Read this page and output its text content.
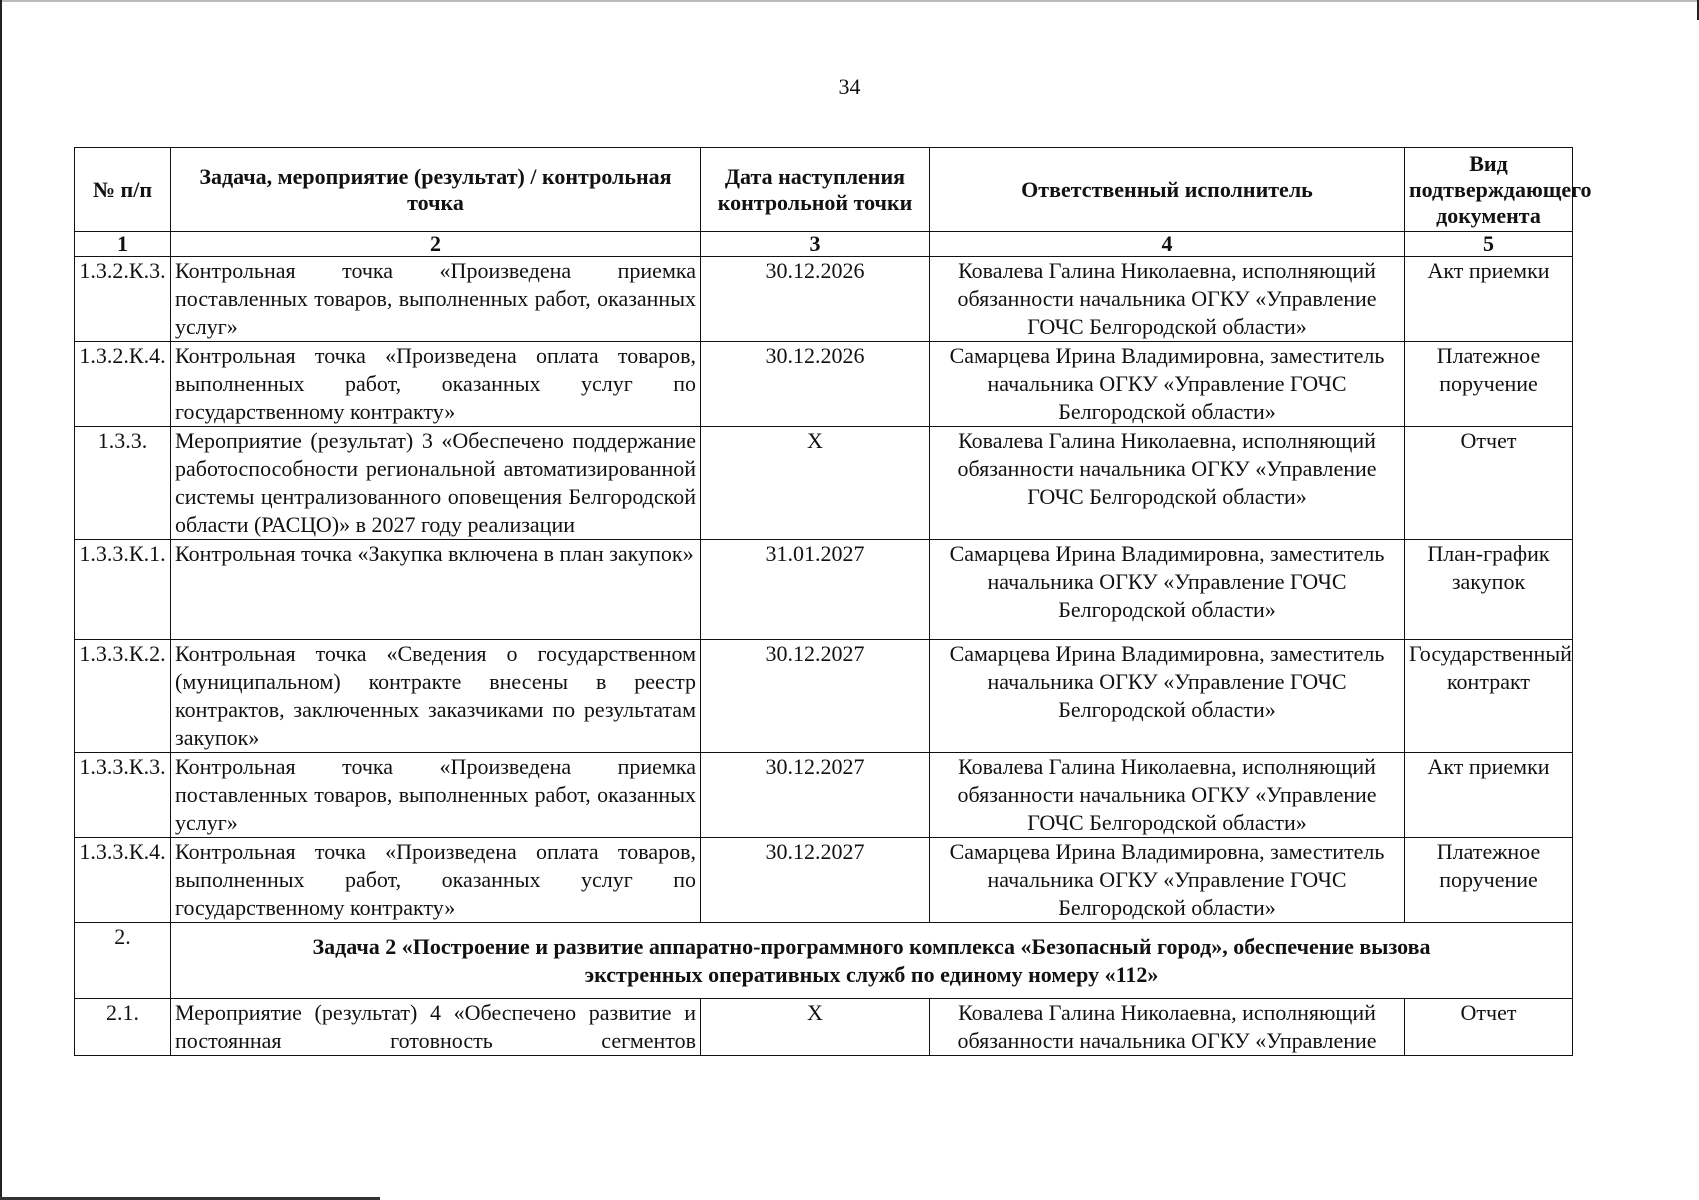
34
№ п/п	Задача, мероприятие (результат) / контрольная точка	Дата наступления контрольной точки	Ответственный исполнитель	Вид подтверждающего документа
1	2	3	4	5
1.3.2.К.3.	Контрольная точка «Произведена приемка поставленных товаров, выполненных работ, оказанных услуг»	30.12.2026	Ковалева Галина Николаевна, исполняющий обязанности начальника ОГКУ «Управление ГОЧС Белгородской области»	Акт приемки
1.3.2.К.4.	Контрольная точка «Произведена оплата товаров, выполненных работ, оказанных услуг по государственному контракту»	30.12.2026	Самарцева Ирина Владимировна, заместитель начальника ОГКУ «Управление ГОЧС Белгородской области»	Платежное поручение
1.3.3.	Мероприятие (результат) 3 «Обеспечено поддержание работоспособности региональной автоматизированной системы централизованного оповещения Белгородской области (РАСЦО)» в 2027 году реализации	X	Ковалева Галина Николаевна, исполняющий обязанности начальника ОГКУ «Управление ГОЧС Белгородской области»	Отчет
1.3.3.К.1.	Контрольная точка «Закупка включена в план закупок»	31.01.2027	Самарцева Ирина Владимировна, заместитель начальника ОГКУ «Управление ГОЧС Белгородской области»	План-график закупок
1.3.3.К.2.	Контрольная точка «Сведения о государственном (муниципальном) контракте внесены в реестр контрактов, заключенных заказчиками по результатам закупок»	30.12.2027	Самарцева Ирина Владимировна, заместитель начальника ОГКУ «Управление ГОЧС Белгородской области»	Государственный контракт
1.3.3.К.3.	Контрольная точка «Произведена приемка поставленных товаров, выполненных работ, оказанных услуг»	30.12.2027	Ковалева Галина Николаевна, исполняющий обязанности начальника ОГКУ «Управление ГОЧС Белгородской области»	Акт приемки
1.3.3.К.4.	Контрольная точка «Произведена оплата товаров, выполненных работ, оказанных услуг по государственному контракту»	30.12.2027	Самарцева Ирина Владимировна, заместитель начальника ОГКУ «Управление ГОЧС Белгородской области»	Платежное поручение
2.	Задача 2 «Построение и развитие аппаратно-программного комплекса «Безопасный город», обеспечение вызова экстренных оперативных служб по единому номеру «112»			
2.1.	Мероприятие (результат) 4 «Обеспечено развитие и постоянная готовность сегментов	X	Ковалева Галина Николаевна, исполняющий обязанности начальника ОГКУ «Управление	Отчет
